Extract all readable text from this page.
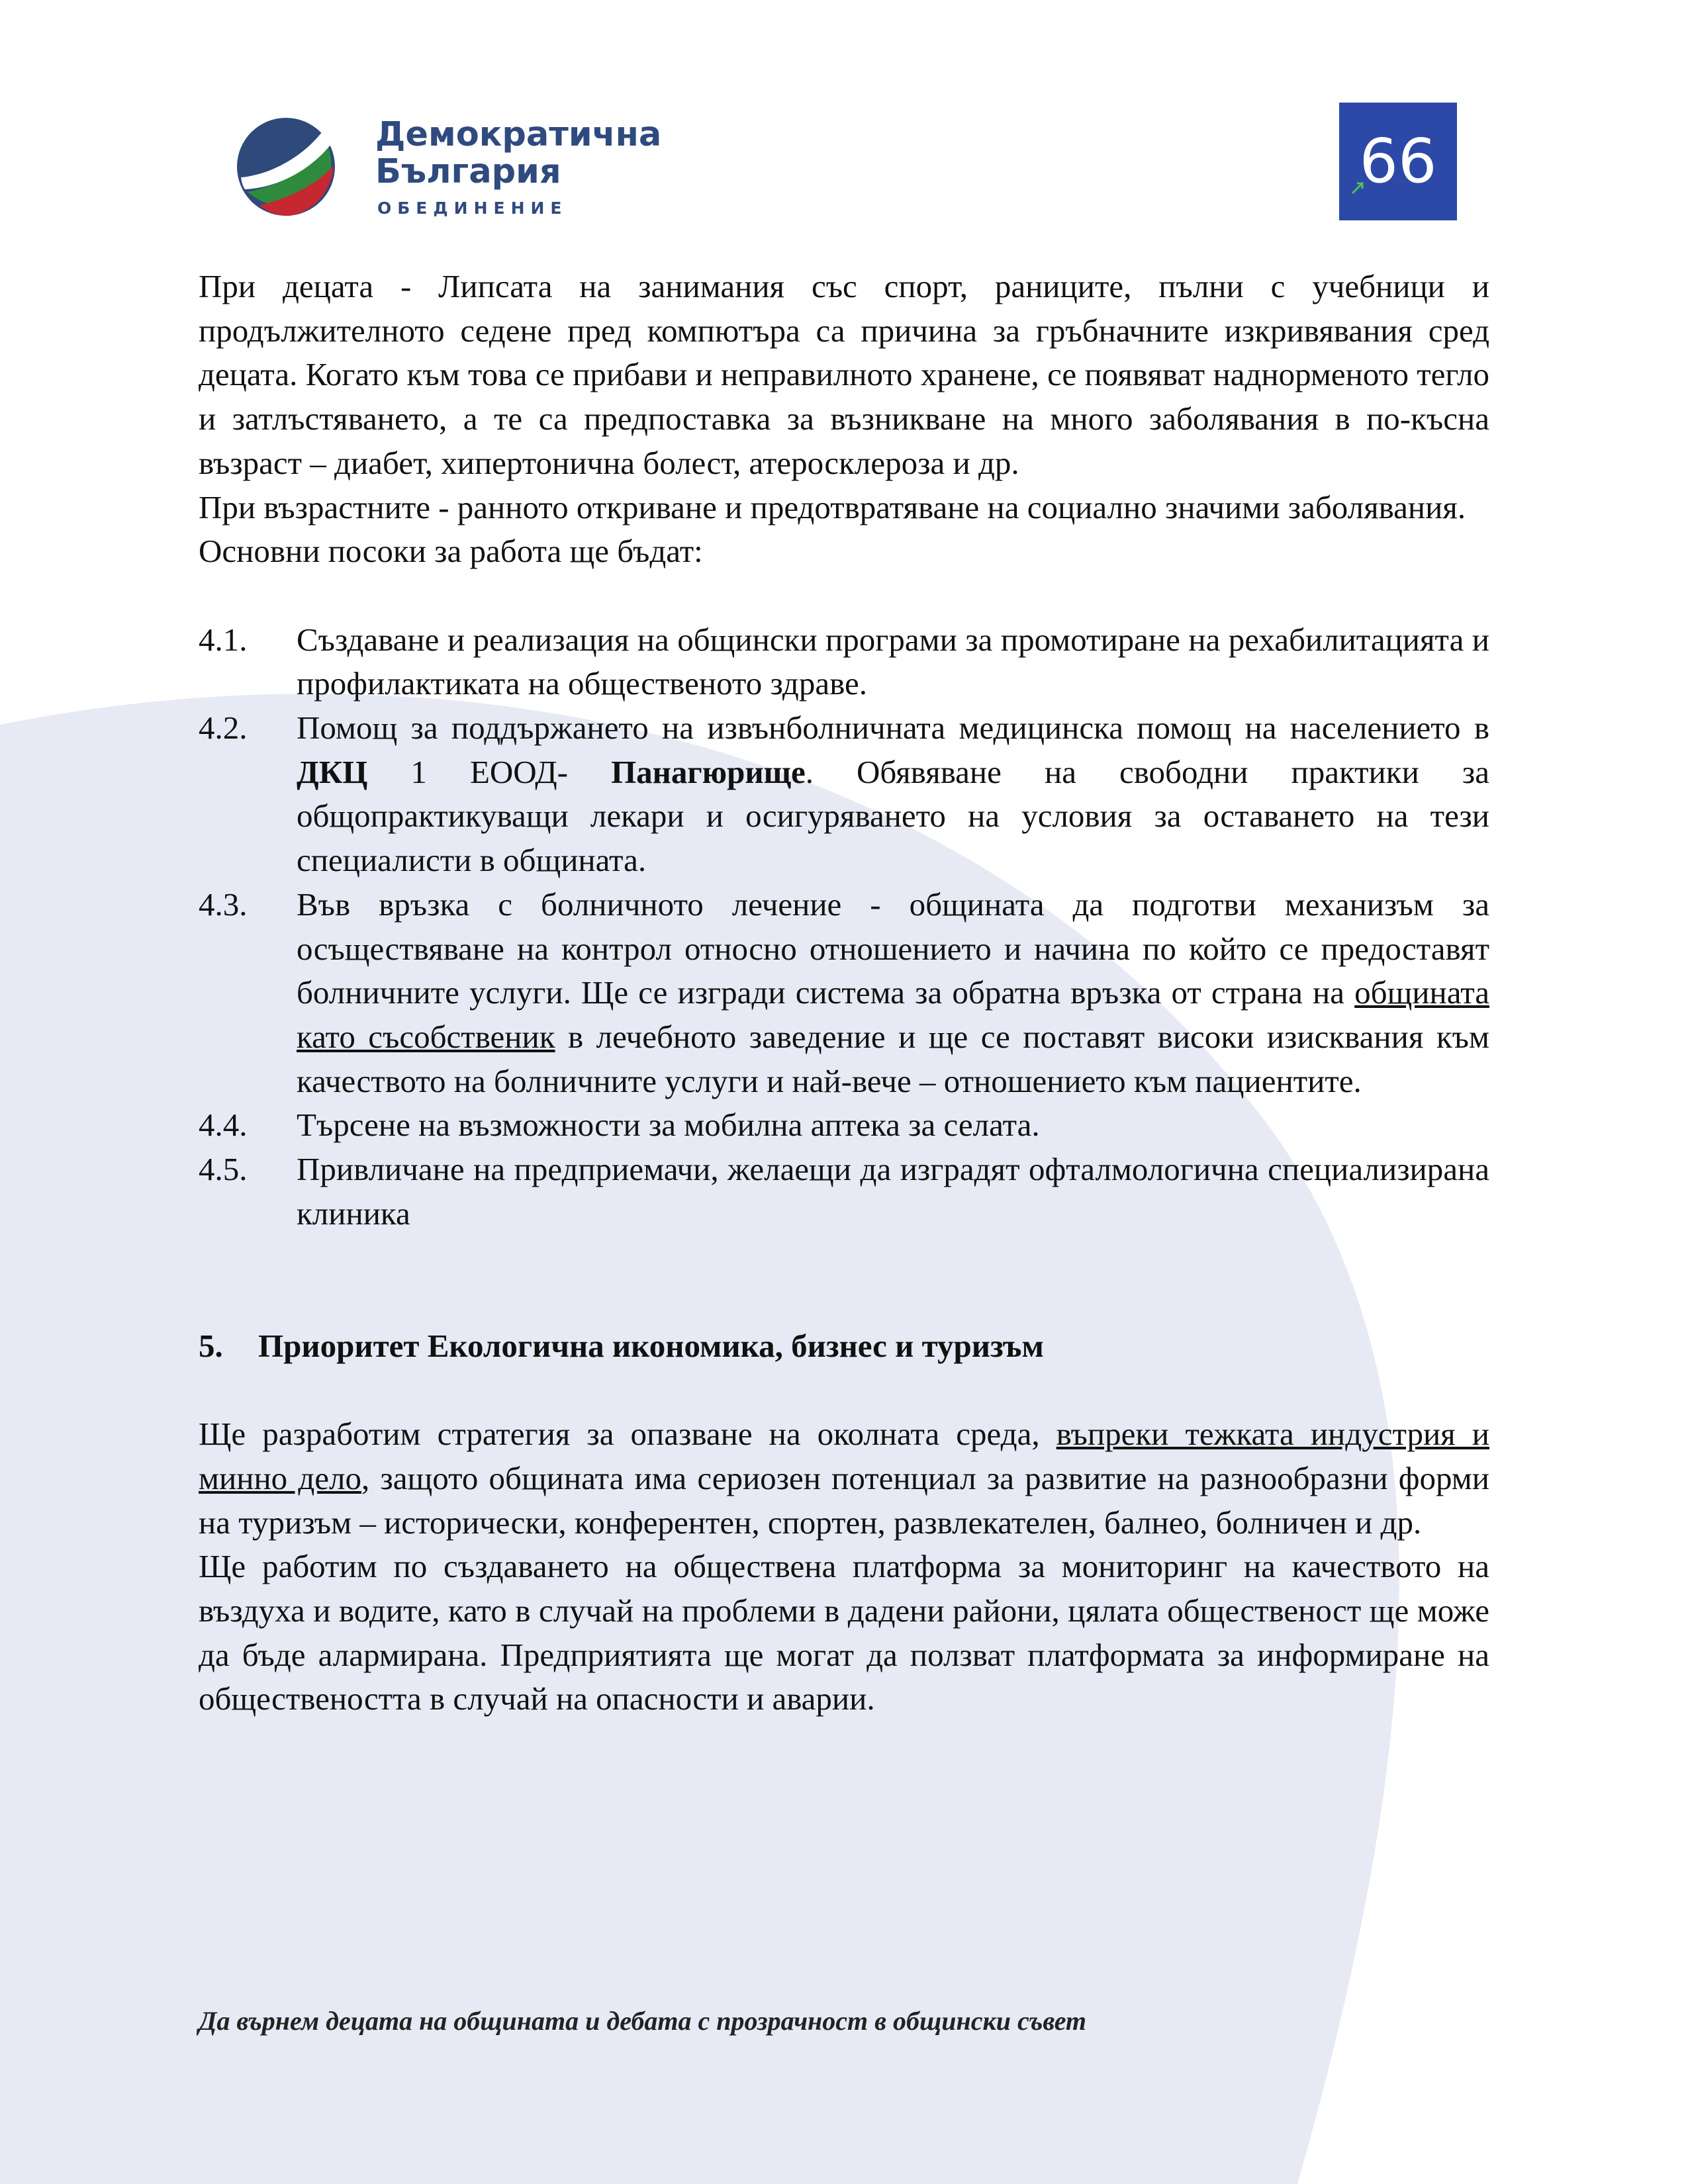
Демократична
България
ОБЕДИНЕНИЕ
66

При децата - Липсата на занимания със спорт, раниците, пълни с учебници и продължителното седене пред компютъра са причина за гръбначните изкривявания сред децата. Когато към това се прибави и неправилното хранене, се появяват наднорменото тегло и затлъстяването, а те са предпоставка за възникване на много заболявания в по-късна възраст – диабет, хипертонична болест, атеросклероза и др.

При възрастните - ранното откриване и предотвратяване на социално значими заболявания.

Основни посоки за работа ще бъдат:

4.1. Създаване и реализация на общински програми за промотиране на рехабилитацията и профилактиката на общественото здраве.
4.2. Помощ за поддържането на извънболничната медицинска помощ на населението в ДКЦ 1 ЕООД- Панагюрище. Обявяване на свободни практики за общопрактикуващи лекари и осигуряването на условия за оставането на тези специалисти в общината.
4.3. Във връзка с болничното лечение - общината да подготви механизъм за осъществяване на контрол относно отношението и начина по който се предоставят болничните услуги. Ще се изгради система за обратна връзка от страна на общината като съсобственик в лечебното заведение и ще се поставят високи изисквания към качеството на болничните услуги и най-вече – отношението към пациентите.
4.4. Търсене на възможности за мобилна аптека за селата.
4.5. Привличане на предприемачи, желаещи да изградят офталмологична специализирана клиника
5. Приоритет Екологична икономика, бизнес и туризъм

Ще разработим стратегия за опазване на околната среда, въпреки тежката индустрия и минно дело, защото общината има сериозен потенциал за развитие на разнообразни форми на туризъм – исторически, конферентен, спортен, развлекателен, балнео, болничен и др.

Ще работим по създаването на обществена платформа за мониторинг на качеството на въздуха и водите, като в случай на проблеми в дадени райони, цялата общественост ще може да бъде алармирана. Предприятията ще могат да ползват платформата за информиране на обществеността в случай на опасности и аварии.

Да върнем децата на общината и дебата с прозрачност в общински съвет
